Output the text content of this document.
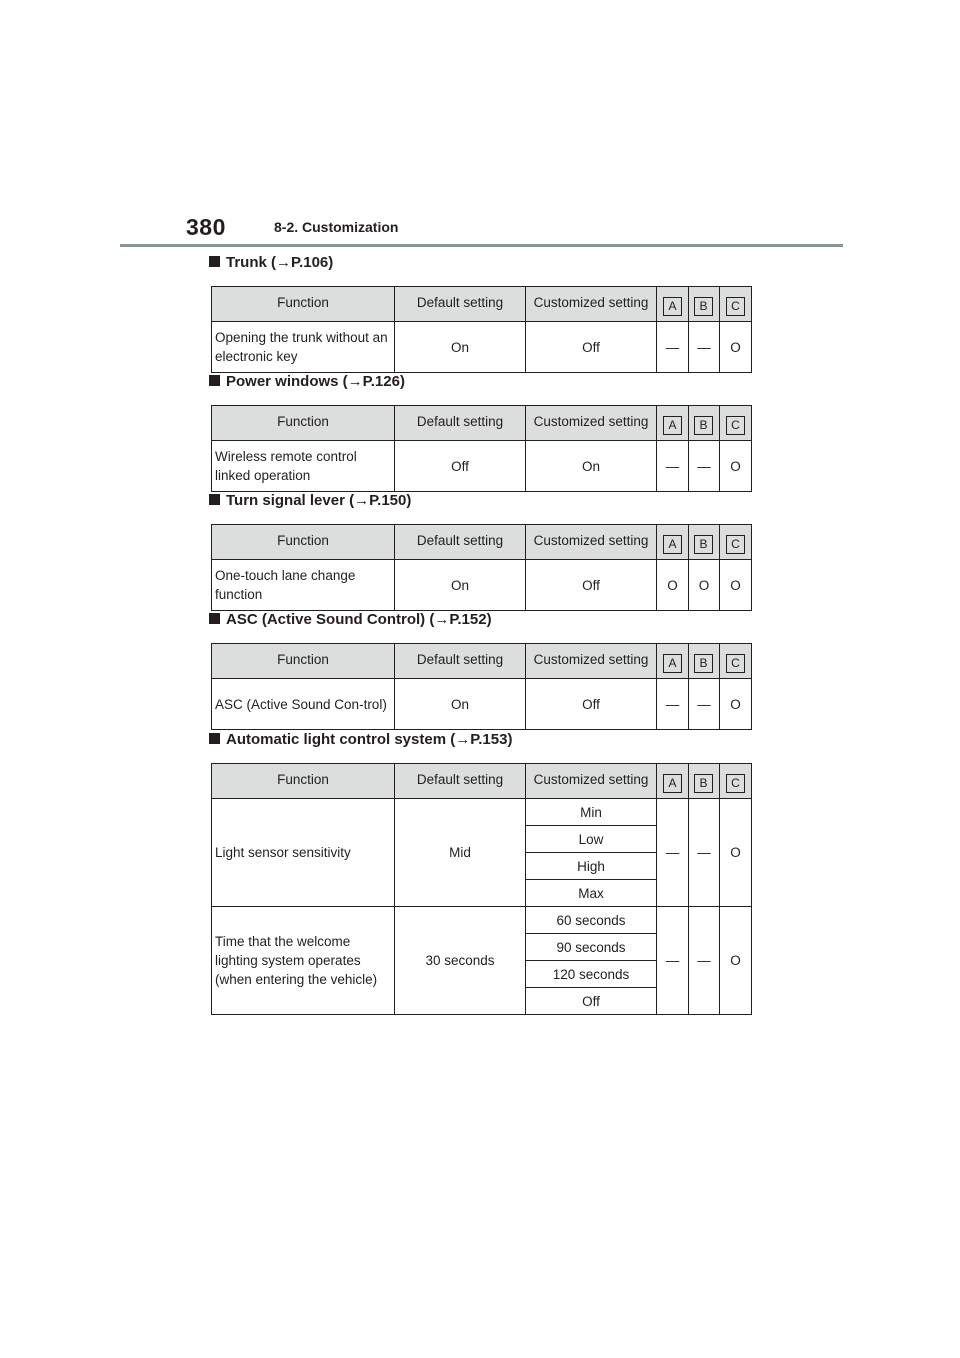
380	8-2. Customization
Trunk (→P.106)
Function	Default setting	Customized setting	A	B	C

Opening the trunk without an electronic key	On	Off	—	—	O
Power windows (→P.126)
Function	Default setting	Customized setting	A	B	C

Wireless remote control linked operation	Off	On	—	—	O
Turn signal lever (→P.150)
Function	Default setting	Customized setting	A	B	C

One-touch lane change function	On	Off	O	O	O
ASC (Active Sound Control) (→P.152)
Function	Default setting	Customized setting	A	B	C

ASC (Active Sound Con-trol)	On	Off	—	—	O
Automatic light control system (→P.153)
Function	Default setting	Customized setting	A	B	C

Light sensor sensitivity	Mid	Min	—	—	O
		Low			
		High			
		Max			
Time that the welcome lighting system operates (when entering the vehicle)	30 seconds	60 seconds	—	—	O
		90 seconds			
		120 seconds			
		Off			
